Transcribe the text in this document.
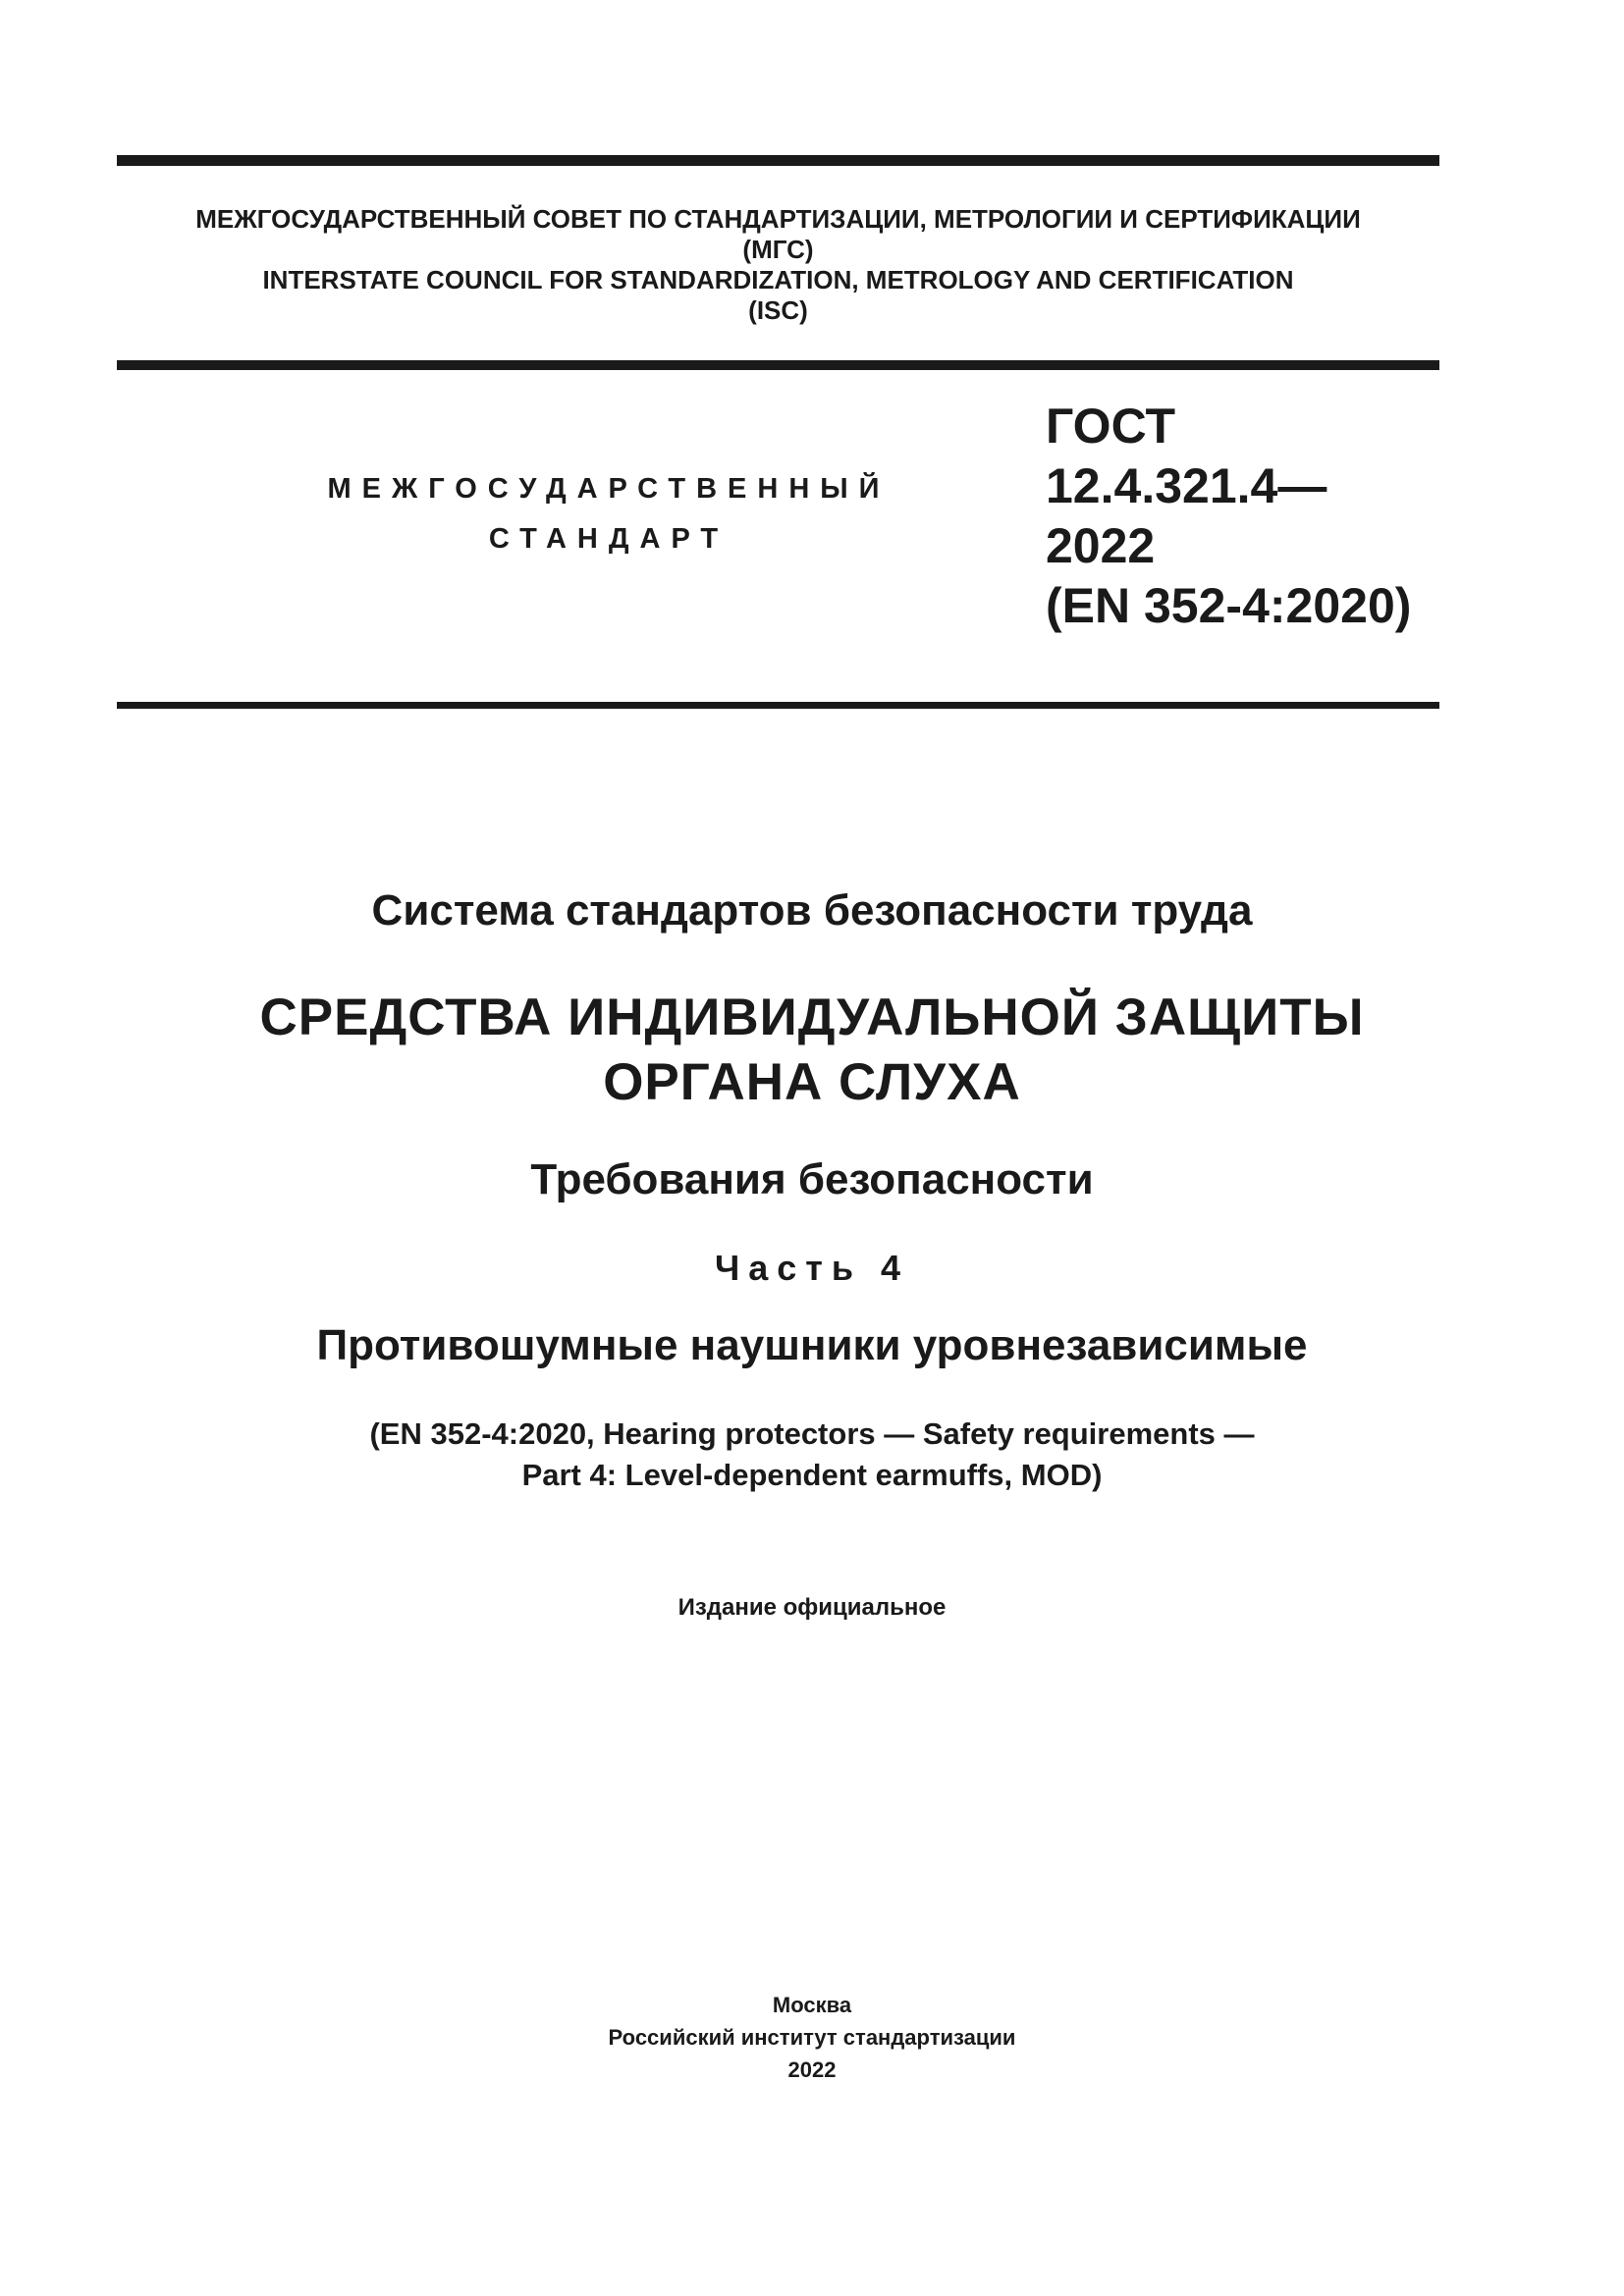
МЕЖГОСУДАРСТВЕННЫЙ СОВЕТ ПО СТАНДАРТИЗАЦИИ, МЕТРОЛОГИИ И СЕРТИФИКАЦИИ
(МГС)
INTERSTATE COUNCIL FOR STANDARDIZATION, METROLOGY AND CERTIFICATION
(ISC)
МЕЖГОСУДАРСТВЕННЫЙ
СТАНДАРТ
ГОСТ
12.4.321.4—
2022
(EN 352-4:2020)
Система стандартов безопасности труда
СРЕДСТВА ИНДИВИДУАЛЬНОЙ ЗАЩИТЫ
ОРГАНА СЛУХА
Требования безопасности
Часть 4
Противошумные наушники уровнезависимые
(EN 352-4:2020, Hearing protectors — Safety requirements —
Part 4: Level-dependent earmuffs, MOD)
Издание официальное
Москва
Российский институт стандартизации
2022
